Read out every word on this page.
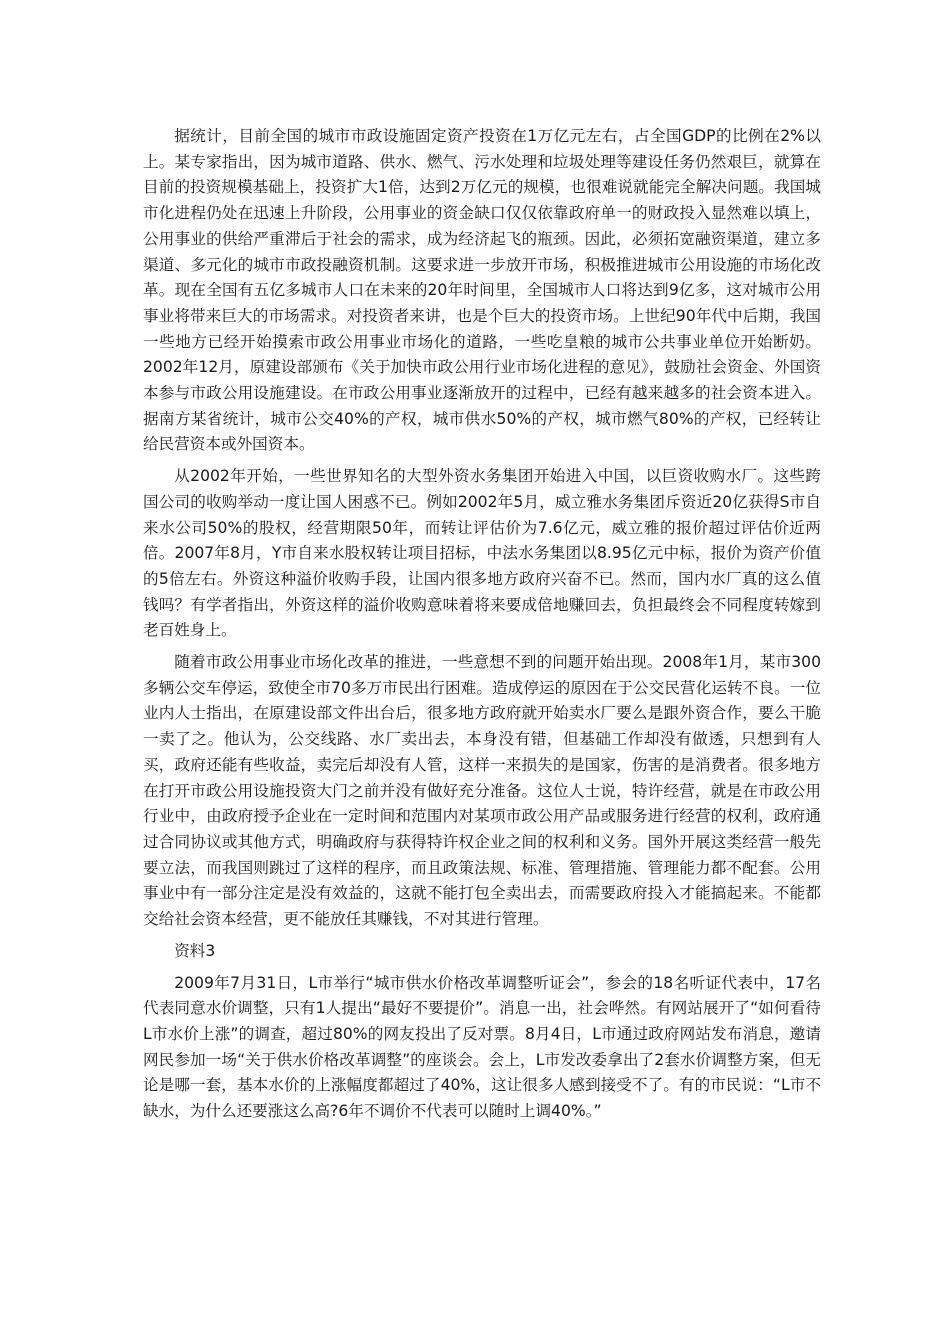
据统计，目前全国的城市市政设施固定资产投资在1万亿元左右，占全国GDP的比例在2%以上。某专家指出，因为城市道路、供水、燃气、污水处理和垃圾处理等建设任务仍然艰巨，就算在目前的投资规模基础上，投资扩大1倍，达到2万亿元的规模，也很难说就能完全解决问题。我国城市化进程仍处在迅速上升阶段，公用事业的资金缺口仅仅依靠政府单一的财政投入显然难以填上，公用事业的供给严重滞后于社会的需求，成为经济起飞的瓶颈。因此，必须拓宽融资渠道，建立多渠道、多元化的城市市政投融资机制。这要求进一步放开市场，积极推进城市公用设施的市场化改革。现在全国有五亿多城市人口在未来的20年时间里，全国城市人口将达到9亿多，这对城市公用事业将带来巨大的市场需求。对投资者来讲，也是个巨大的投资市场。上世纪90年代中后期，我国一些地方已经开始摸索市政公用事业市场化的道路，一些吃皇粮的城市公共事业单位开始断奶。2002年12月，原建设部颁布《关于加快市政公用行业市场化进程的意见》，鼓励社会资金、外国资本参与市政公用设施建设。在市政公用事业逐渐放开的过程中，已经有越来越多的社会资本进入。据南方某省统计，城市公交40%的产权，城市供水50%的产权，城市燃气80%的产权，已经转让给民营资本或外国资本。

从2002年开始，一些世界知名的大型外资水务集团开始进入中国，以巨资收购水厂。这些跨国公司的收购举动一度让国人困惑不已。例如2002年5月，威立雅水务集团斥资近20亿获得S市自来水公司50%的股权，经营期限50年，而转让评估价为7.6亿元，威立雅的报价超过评估价近两倍。2007年8月，Y市自来水股权转让项目招标，中法水务集团以8.95亿元中标，报价为资产价值的5倍左右。外资这种溢价收购手段，让国内很多地方政府兴奋不已。然而，国内水厂真的这么值钱吗？有学者指出，外资这样的溢价收购意味着将来要成倍地赚回去，负担最终会不同程度转嫁到老百姓身上。

随着市政公用事业市场化改革的推进，一些意想不到的问题开始出现。2008年1月，某市300多辆公交车停运，致使全市70多万市民出行困难。造成停运的原因在于公交民营化运转不良。一位业内人士指出，在原建设部文件出台后，很多地方政府就开始卖水厂要么是跟外资合作，要么干脆一卖了之。他认为，公交线路、水厂卖出去，本身没有错，但基础工作却没有做透，只想到有人买，政府还能有些收益，卖完后却没有人管，这样一来损失的是国家，伤害的是消费者。很多地方在打开市政公用设施投资大门之前并没有做好充分准备。这位人士说，特许经营，就是在市政公用行业中，由政府授予企业在一定时间和范围内对某项市政公用产品或服务进行经营的权利，政府通过合同协议或其他方式，明确政府与获得特许权企业之间的权利和义务。国外开展这类经营一般先要立法，而我国则跳过了这样的程序，而且政策法规、标准、管理措施、管理能力都不配套。公用事业中有一部分注定是没有效益的，这就不能打包全卖出去，而需要政府投入才能搞起来。不能都交给社会资本经营，更不能放任其赚钱，不对其进行管理。

资料3

2009年7月31日，L市举行“城市供水价格改革调整听证会”，参会的18名听证代表中，17名代表同意水价调整，只有1人提出“最好不要提价”。消息一出，社会哗然。有网站展开了“如何看待L市水价上涨”的调查，超过80%的网友投出了反对票。8月4日，L市通过政府网站发布消息，邀请网民参加一场“关于供水价格改革调整”的座谈会。会上，L市发改委拿出了2套水价调整方案，但无论是哪一套，基本水价的上涨幅度都超过了40%，这让很多人感到接受不了。有的市民说：“L市不缺水，为什么还要涨这么高?6年不调价不代表可以随时上调40%。”
